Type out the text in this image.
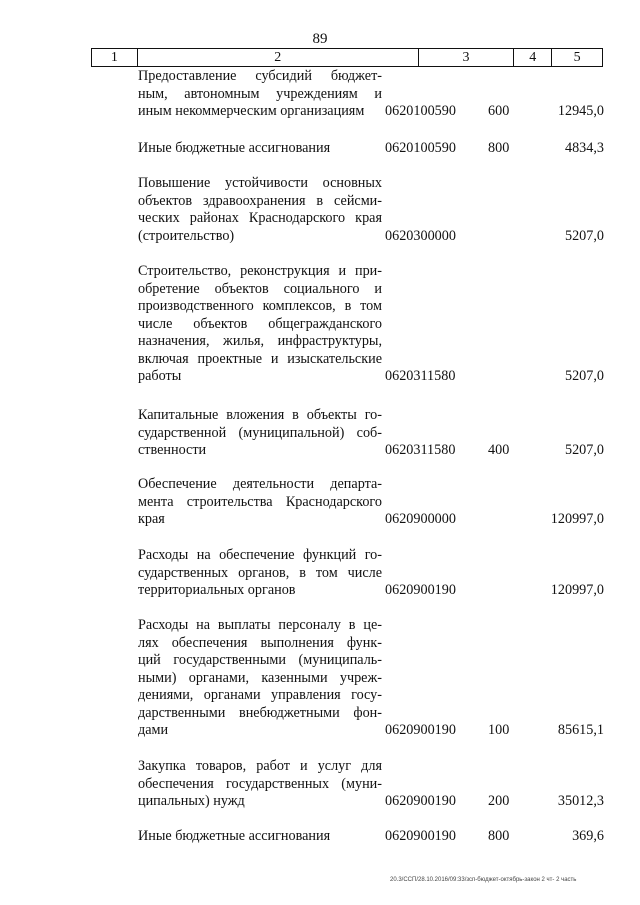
89
1	2	3	4	5
Предоставление субсидий бюджет-
ным, автономным учреждениям и
иным некоммерческим организациям	0620100590 600	12945,0
Иные бюджетные ассигнования	0620100590 800	4834,3
Повышение устойчивости основных
объектов здравоохранения в сейсми-
ческих районах Краснодарского края
(строительство)	0620300000	5207,0
Строительство, реконструкция и при-
обретение объектов социального и
производственного комплексов, в том
числе объектов общегражданского
назначения, жилья, инфраструктуры,
включая проектные и изыскательские
работы	0620311580	5207,0
Капитальные вложения в объекты го-
сударственной (муниципальной) соб-
ственности	0620311580 400	5207,0
Обеспечение деятельности департа-
мента строительства Краснодарского
края	0620900000	120997,0
Расходы на обеспечение функций го-
сударственных органов, в том числе
территориальных органов	0620900190	120997,0
Расходы на выплаты персоналу в це-
лях обеспечения выполнения функ-
ций государственными (муниципаль-
ными) органами, казенными учреж-
дениями, органами управления госу-
дарственными внебюджетными фон-
дами	0620900190 100	85615,1
Закупка товаров, работ и услуг для
обеспечения государственных (муни-
ципальных) нужд	0620900190 200	35012,3
Иные бюджетные ассигнования	0620900190 800	369,6
20.3/ССП/28.10.2016/09:33/зсп-бюджет-октябрь-закон 2 чт- 2 часть
